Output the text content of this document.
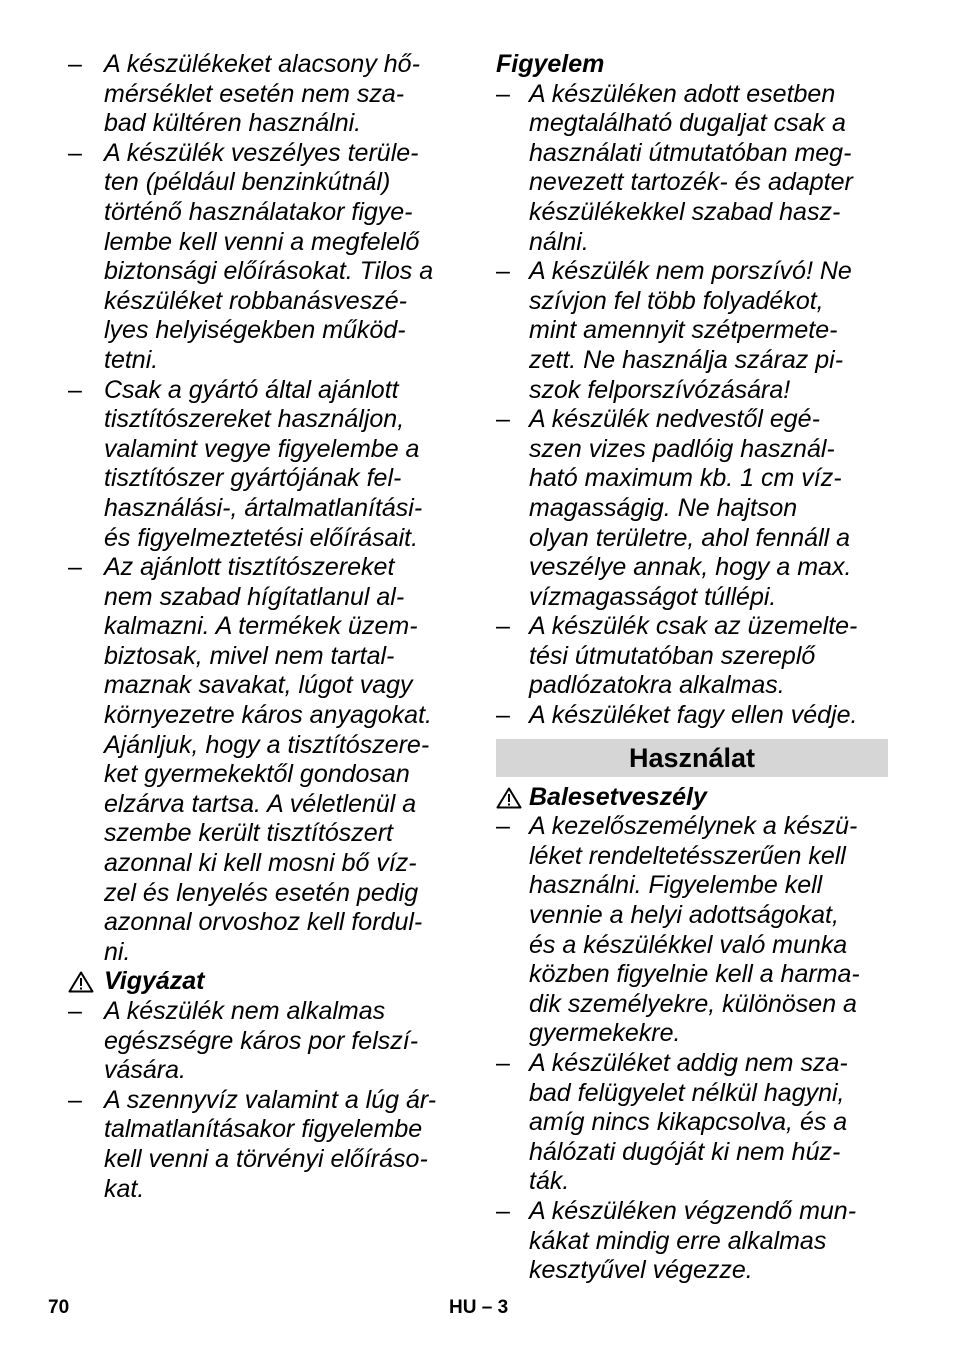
– A készülékeket alacsony hő-
mérséklet esetén nem sza-
bad kültéren használni.
– A készülék veszélyes terüle-
ten (például benzinkútnál)
történő használatakor figye-
lembe kell venni a megfelelő
biztonsági előírásokat. Tilos a
készüléket robbanásveszé-
lyes helyiségekben működ-
tetni.
– Csak a gyártó által ajánlott
tisztítószereket használjon,
valamint vegye figyelembe a
tisztítószer gyártójának fel-
használási-, ártalmatlanítási-
és figyelmeztetési előírásait.
– Az ajánlott tisztítószereket
nem szabad hígítatlanul al-
kalmazni. A termékek üzem-
biztosak, mivel nem tartal-
maznak savakat, lúgot vagy
környezetre káros anyagokat.
Ajánljuk, hogy a tisztítószere-
ket gyermekektől gondosan
elzárva tartsa. A véletlenül a
szembe került tisztítószert
azonnal ki kell mosni bő víz-
zel és lenyelés esetén pedig
azonnal orvoshoz kell fordul-
ni.
Vigyázat
– A készülék nem alkalmas
egészségre káros por felszí-
vására.
– A szennyvíz valamint a lúg ár-
talmatlanításakor figyelembe
kell venni a törvényi előíráso-
kat.
Figyelem
– A készüléken adott esetben
megtalálható dugaljat csak a
használati útmutatóban meg-
nevezett tartozék- és adapter
készülékekkel szabad hasz-
nálni.
– A készülék nem porszívó! Ne
szívjon fel több folyadékot,
mint amennyit szétpermete-
zett. Ne használja száraz pi-
szok felporszívózására!
– A készülék nedvestől egé-
szen vizes padlóig használ-
ható maximum kb. 1 cm víz-
magasságig. Ne hajtson
olyan területre, ahol fennáll a
veszélye annak, hogy a max.
vízmagasságot túllépi.
– A készülék csak az üzemelte-
tési útmutatóban szereplő
padlózatokra alkalmas.
– A készüléket fagy ellen védje.
Használat
Balesetveszély
– A kezelőszemélynek a készü-
léket rendeltetésszerűen kell
használni. Figyelembe kell
vennie a helyi adottságokat,
és a készülékkel való munka
közben figyelnie kell a harma-
dik személyekre, különösen a
gyermekekre.
– A készüléket addig nem sza-
bad felügyelet nélkül hagyni,
amíg nincs kikapcsolva, és a
hálózati dugóját ki nem húz-
ták.
– A készüléken végzendő mun-
kákat mindig erre alkalmas
kesztyűvel végezze.
70	HU – 3
